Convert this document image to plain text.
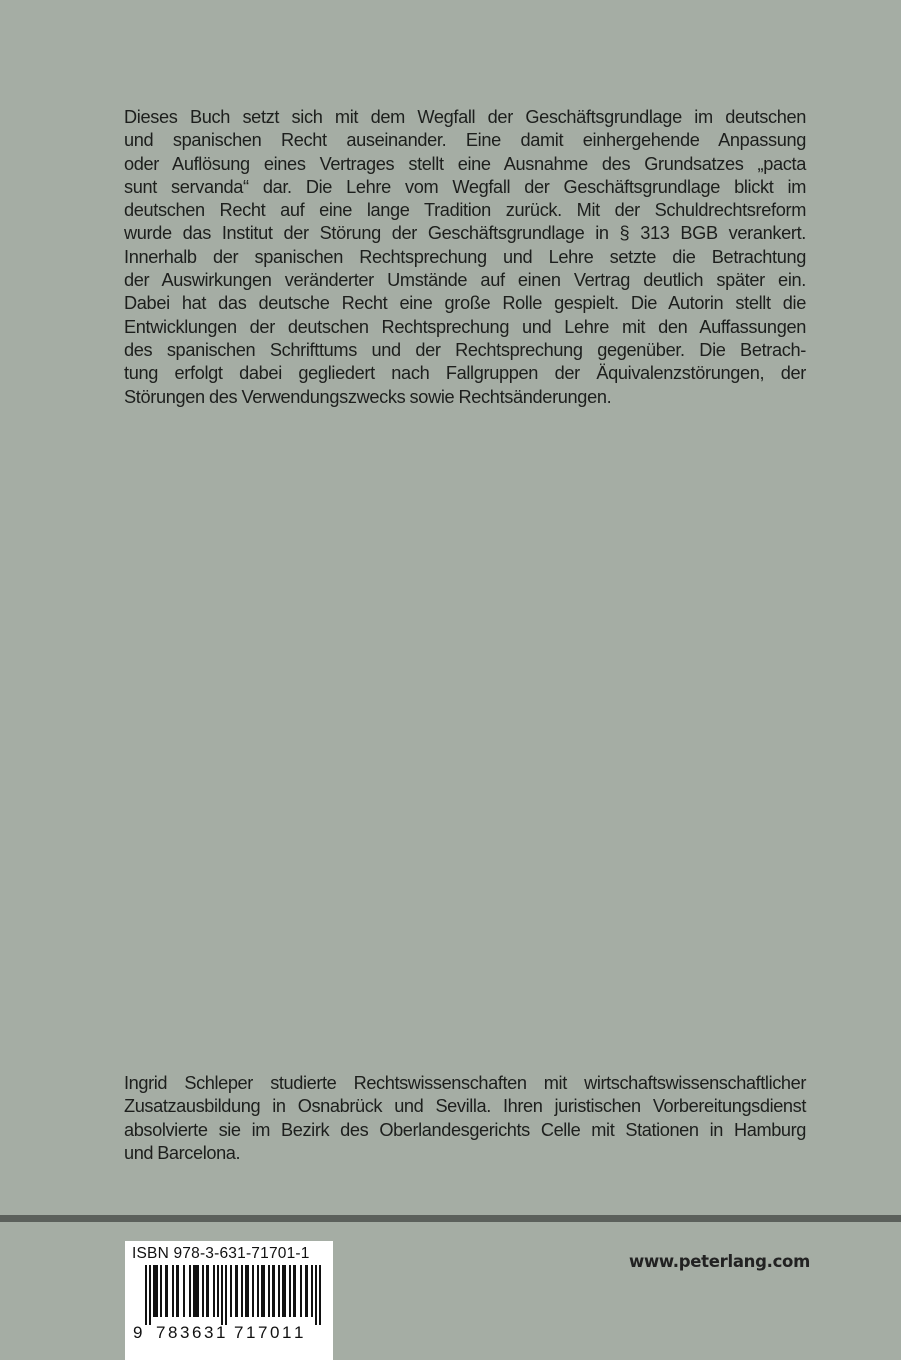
Dieses Buch setzt sich mit dem Wegfall der Geschäftsgrundlage im deutschen
und spanischen Recht auseinander. Eine damit einhergehende Anpassung
oder Auflösung eines Vertrages stellt eine Ausnahme des Grundsatzes „pacta
sunt servanda“ dar. Die Lehre vom Wegfall der Geschäftsgrundlage blickt im
deutschen Recht auf eine lange Tradition zurück. Mit der Schuldrechtsreform
wurde das Institut der Störung der Geschäftsgrundlage in § 313 BGB verankert.
Innerhalb der spanischen Rechtsprechung und Lehre setzte die Betrachtung
der Auswirkungen veränderter Umstände auf einen Vertrag deutlich später ein.
Dabei hat das deutsche Recht eine große Rolle gespielt. Die Autorin stellt die
Entwicklungen der deutschen Rechtsprechung und Lehre mit den Auffassungen
des spanischen Schrifttums und der Rechtsprechung gegenüber. Die Betrach-
tung erfolgt dabei gegliedert nach Fallgruppen der Äquivalenzstörungen, der
Störungen des Verwendungszwecks sowie Rechtsänderungen.
Ingrid Schleper studierte Rechtswissenschaften mit wirtschaftswissenschaftlicher
Zusatzausbildung in Osnabrück und Sevilla. Ihren juristischen Vorbereitungsdienst
absolvierte sie im Bezirk des Oberlandesgerichts Celle mit Stationen in Hamburg
und Barcelona.
ISBN 978-3-631-71701-1
9 7 8 3 6 3 1 7 1 7 0 1 1
www.peterlang.com
